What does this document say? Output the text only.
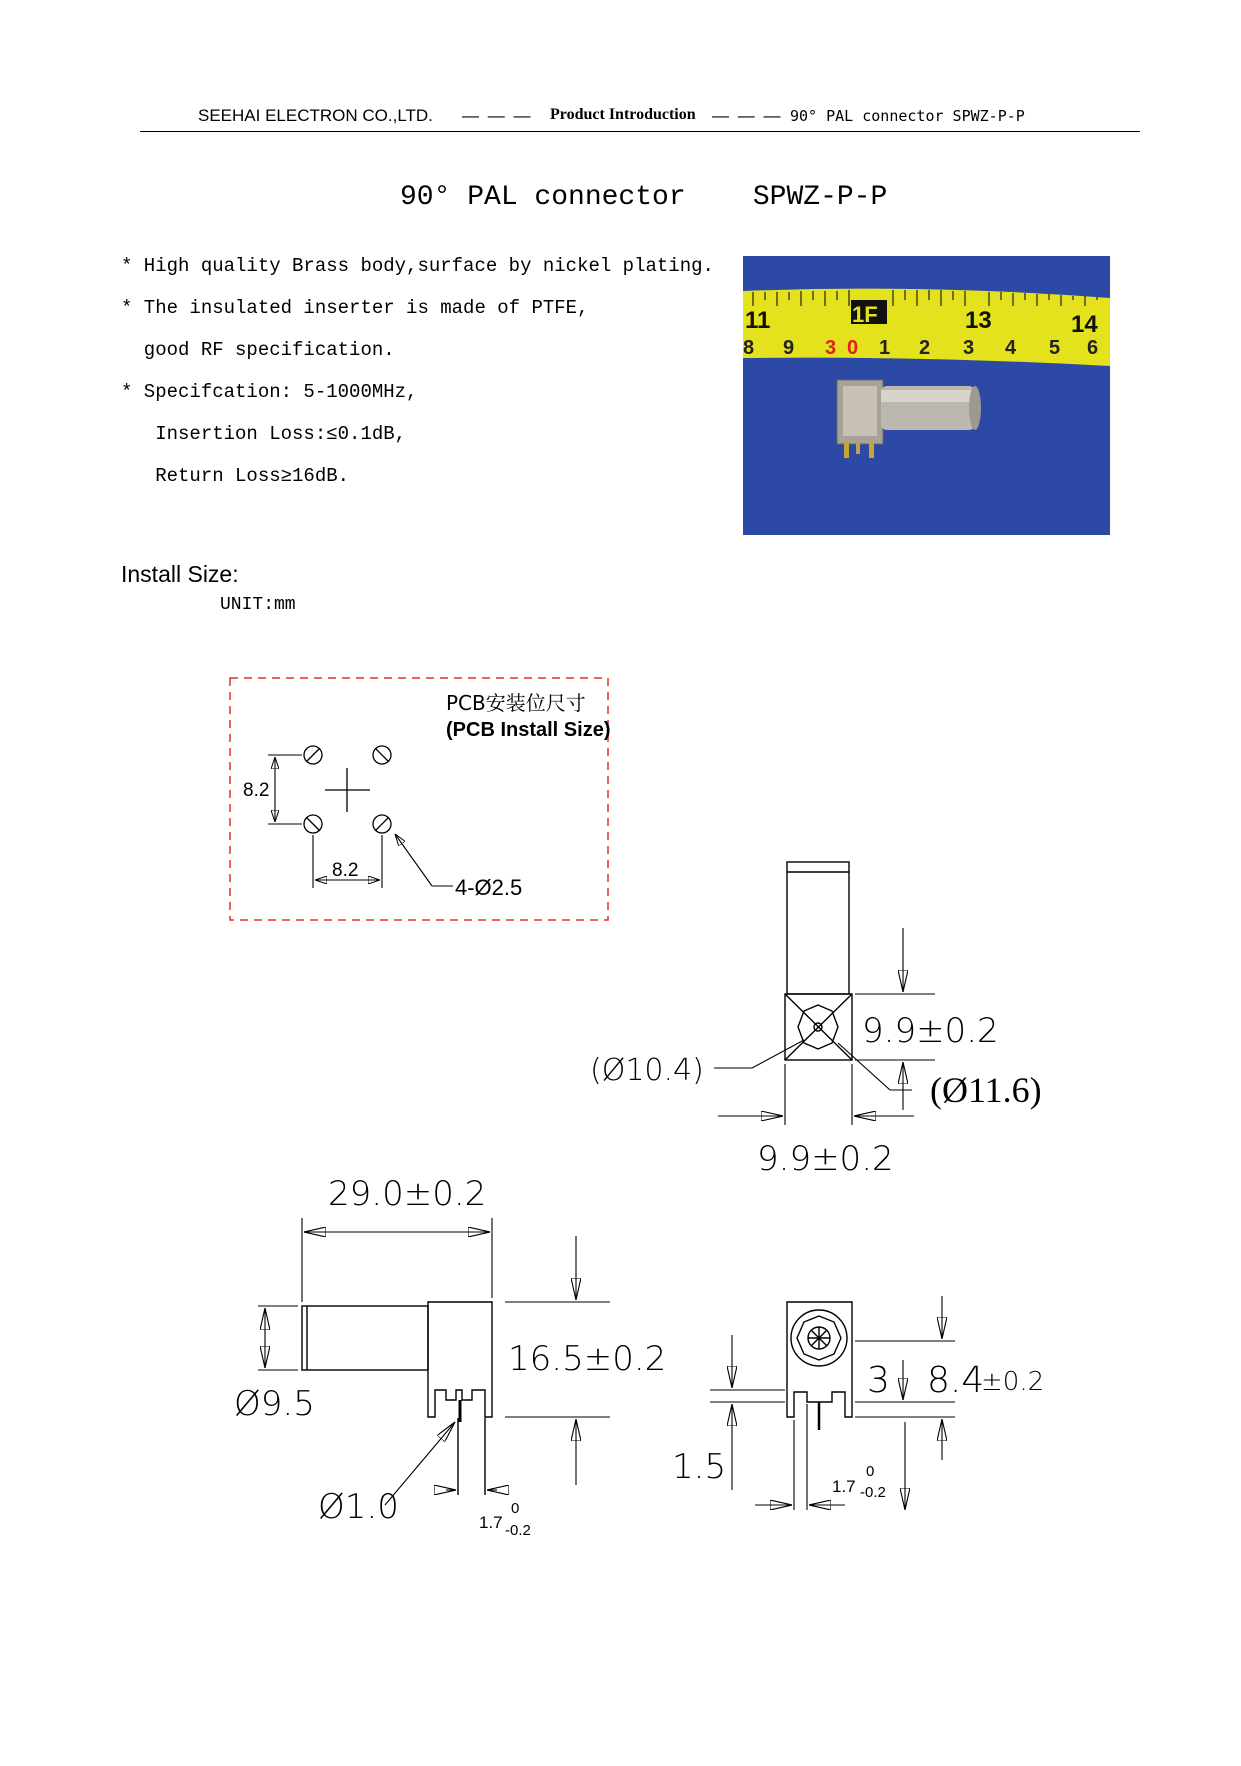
SEEHAI ELECTRON CO.,LTD. — — — Product Introduction — — — 90° PAL connector SPWZ-P-P
90° PAL connector    SPWZ-P-P
* High quality Brass body,surface by nickel plating.
* The insulated inserter is made of PTFE,
good RF specification.
* Specifcation: 5-1000MHz,
Insertion Loss:≤0.1dB,
Return Loss≥16dB.
11	1F	13	14
8 9 3 0 1 2 3 4 5 6
Install Size:
UNIT:mm
PCB安装位尺寸
(PCB Install Size)
8.2
8.2
4-Ø2.5
9.9±0.2
(Ø10.4)	(Ø11.6)
9.9±0.2
29.0±0.2
16.5±0.2
Ø9.5
Ø1.0	1.7
0
-0.2
3 8.4
±0.2
1.5	1.7
0
-0.2
